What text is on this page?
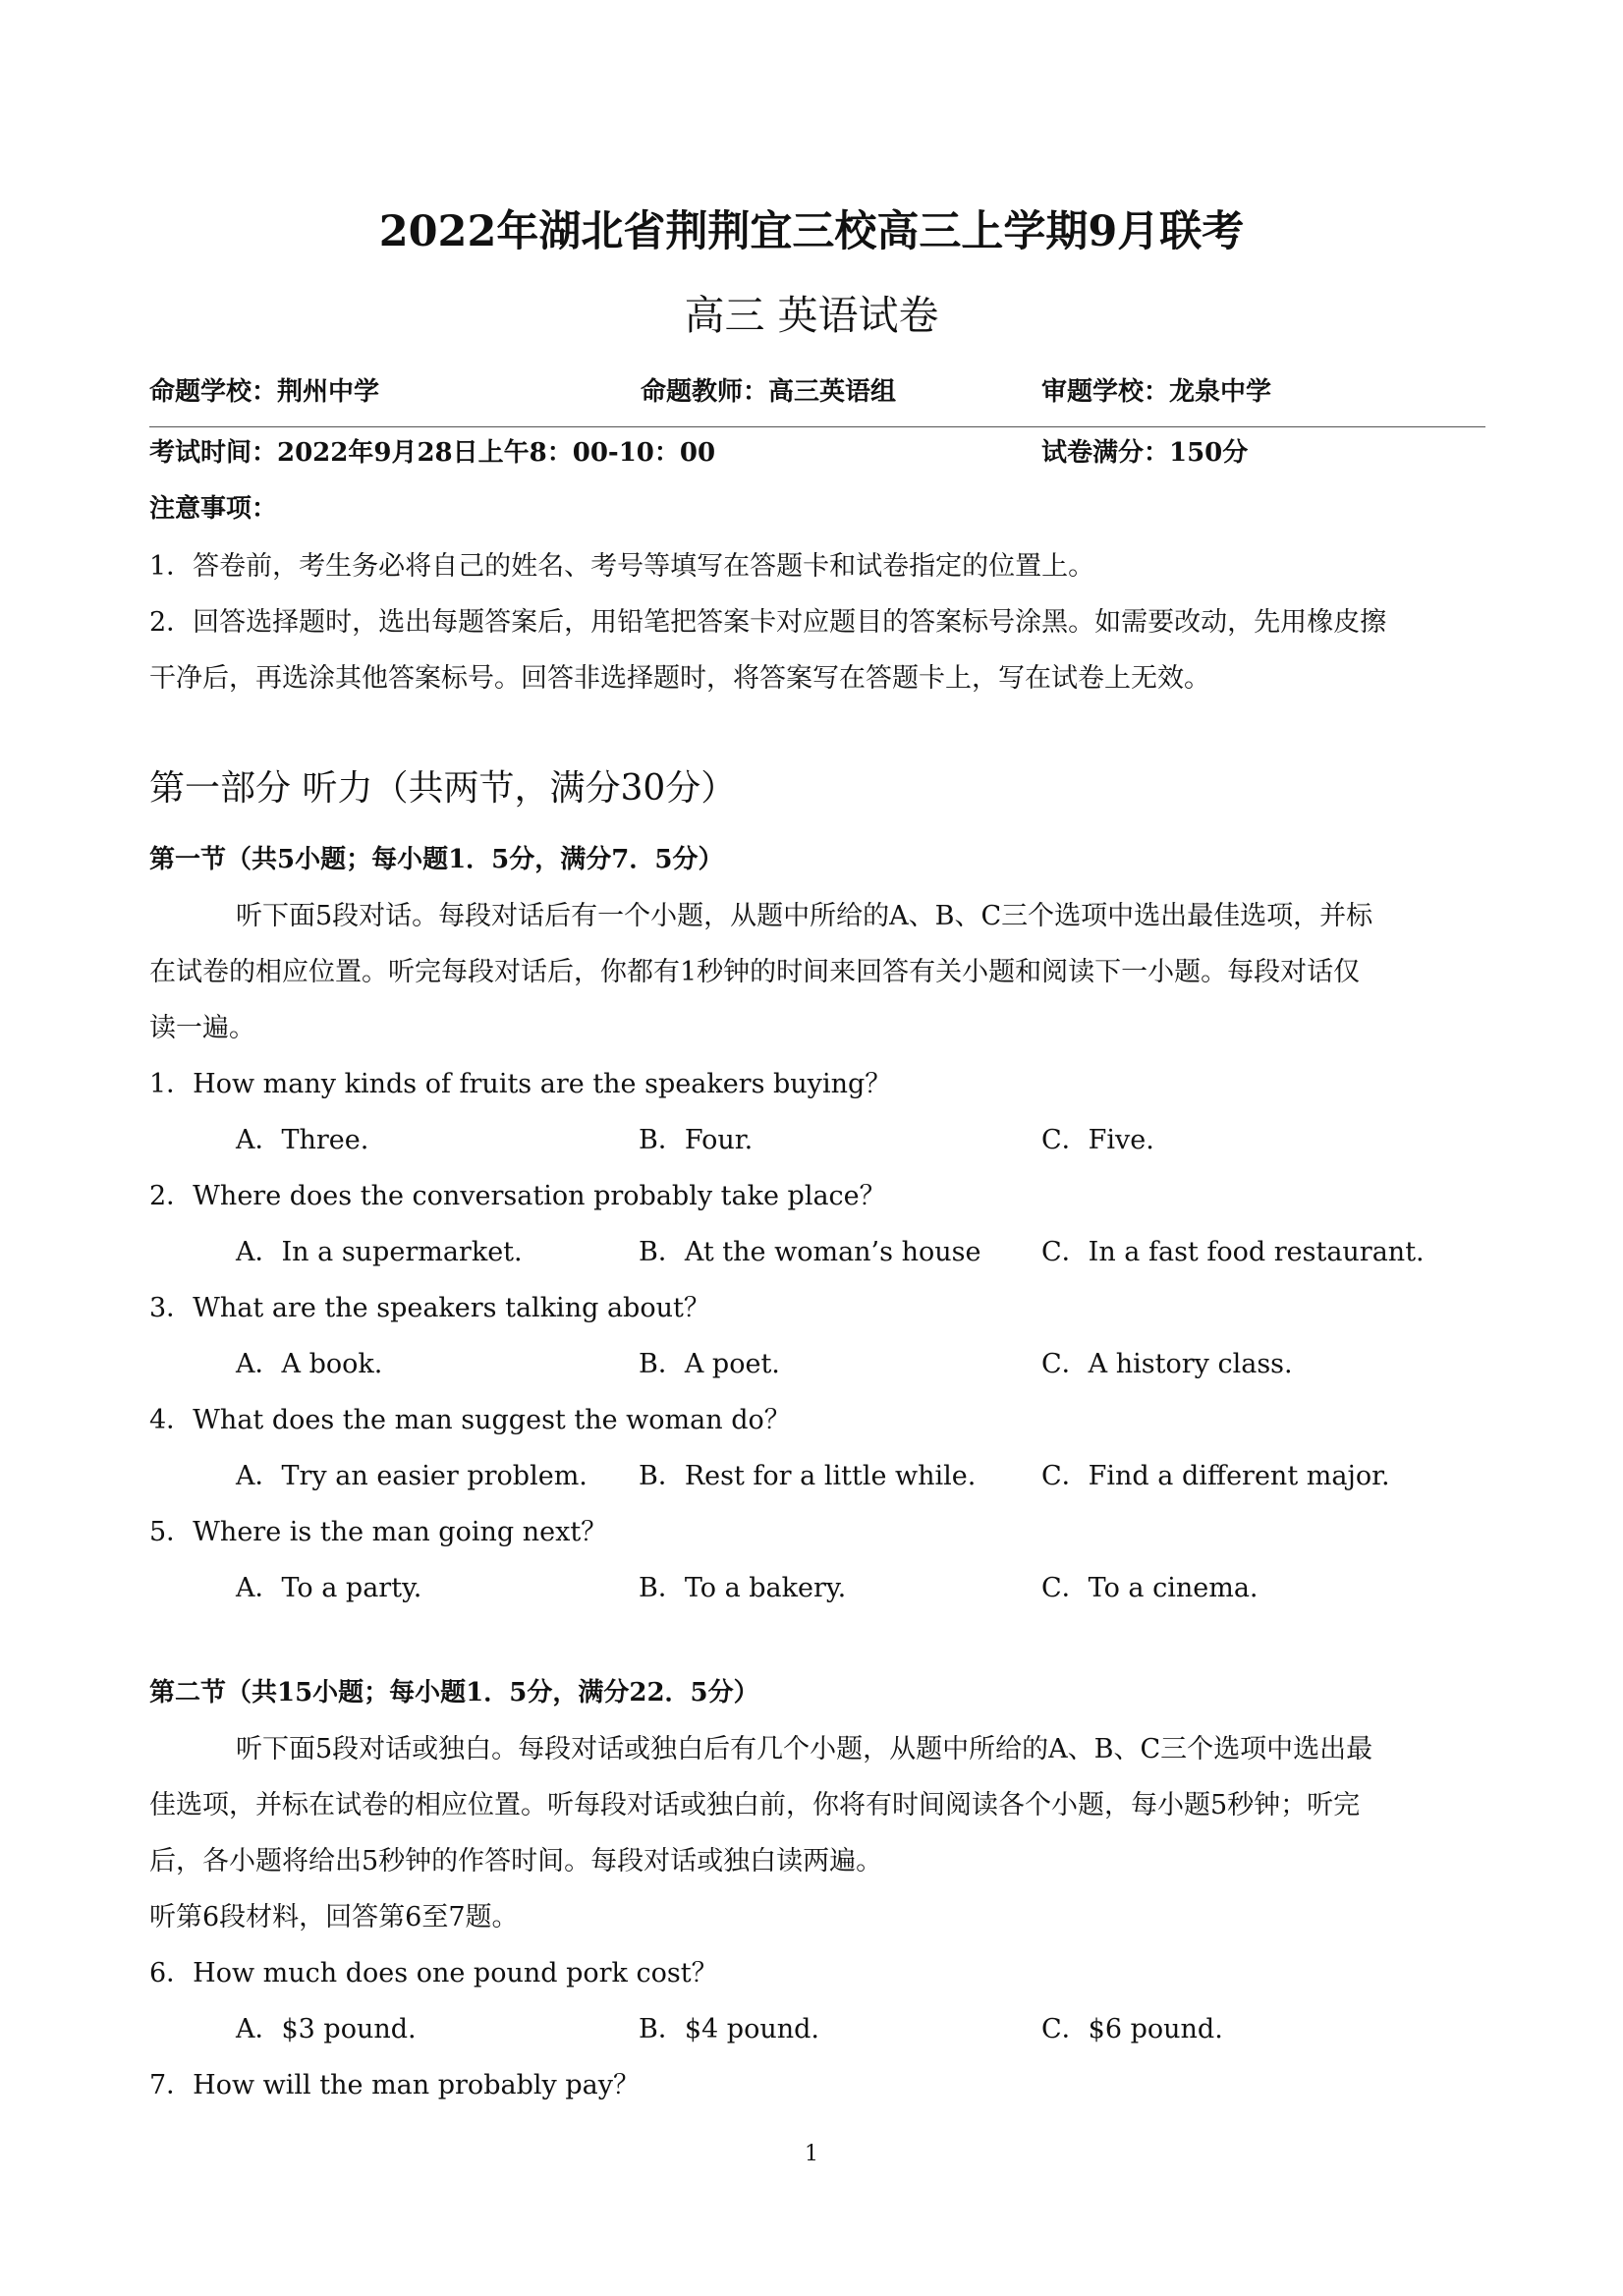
2022年湖北省荆荆宜三校高三上学期9月联考
高三 英语试卷
命题学校：荆州中学	命题教师：高三英语组	审题学校：龙泉中学
考试时间：2022年9月28日上午8：00-10：00	试卷满分：150分
注意事项：
1．答卷前，考生务必将自己的姓名、考号等填写在答题卡和试卷指定的位置上。
2．回答选择题时，选出每题答案后，用铅笔把答案卡对应题目的答案标号涂黑。如需要改动，先用橡皮擦
干净后，再选涂其他答案标号。回答非选择题时，将答案写在答题卡上，写在试卷上无效。
第一部分 听力（共两节，满分30分）
第一节（共5小题；每小题1．5分，满分7．5分）
听下面5段对话。每段对话后有一个小题，从题中所给的A、B、C三个选项中选出最佳选项，并标
在试卷的相应位置。听完每段对话后，你都有1秒钟的时间来回答有关小题和阅读下一小题。每段对话仅
读一遍。
1．How many kinds of fruits are the speakers buying？
A．Three.	B．Four.	C．Five.
2．Where does the conversation probably take place？
A．In a supermarket.	B．At the woman’s house C．In a fast food restaurant.
3．What are the speakers talking about？
A．A book.	B．A poet.	C．A history class.
4．What does the man suggest the woman do？
A．Try an easier problem. B．Rest for a little while. C．Find a different major.
5．Where is the man going next？
A．To a party.	B．To a bakery.	C．To a cinema.
第二节（共15小题；每小题1．5分，满分22．5分）
听下面5段对话或独白。每段对话或独白后有几个小题，从题中所给的A、B、C三个选项中选出最
佳选项，并标在试卷的相应位置。听每段对话或独白前，你将有时间阅读各个小题，每小题5秒钟；听完
后，各小题将给出5秒钟的作答时间。每段对话或独白读两遍。
听第6段材料，回答第6至7题。
6．How much does one pound pork cost？
A．$3 pound.	B．$4 pound.	C．$6 pound.
7．How will the man probably pay？
1
